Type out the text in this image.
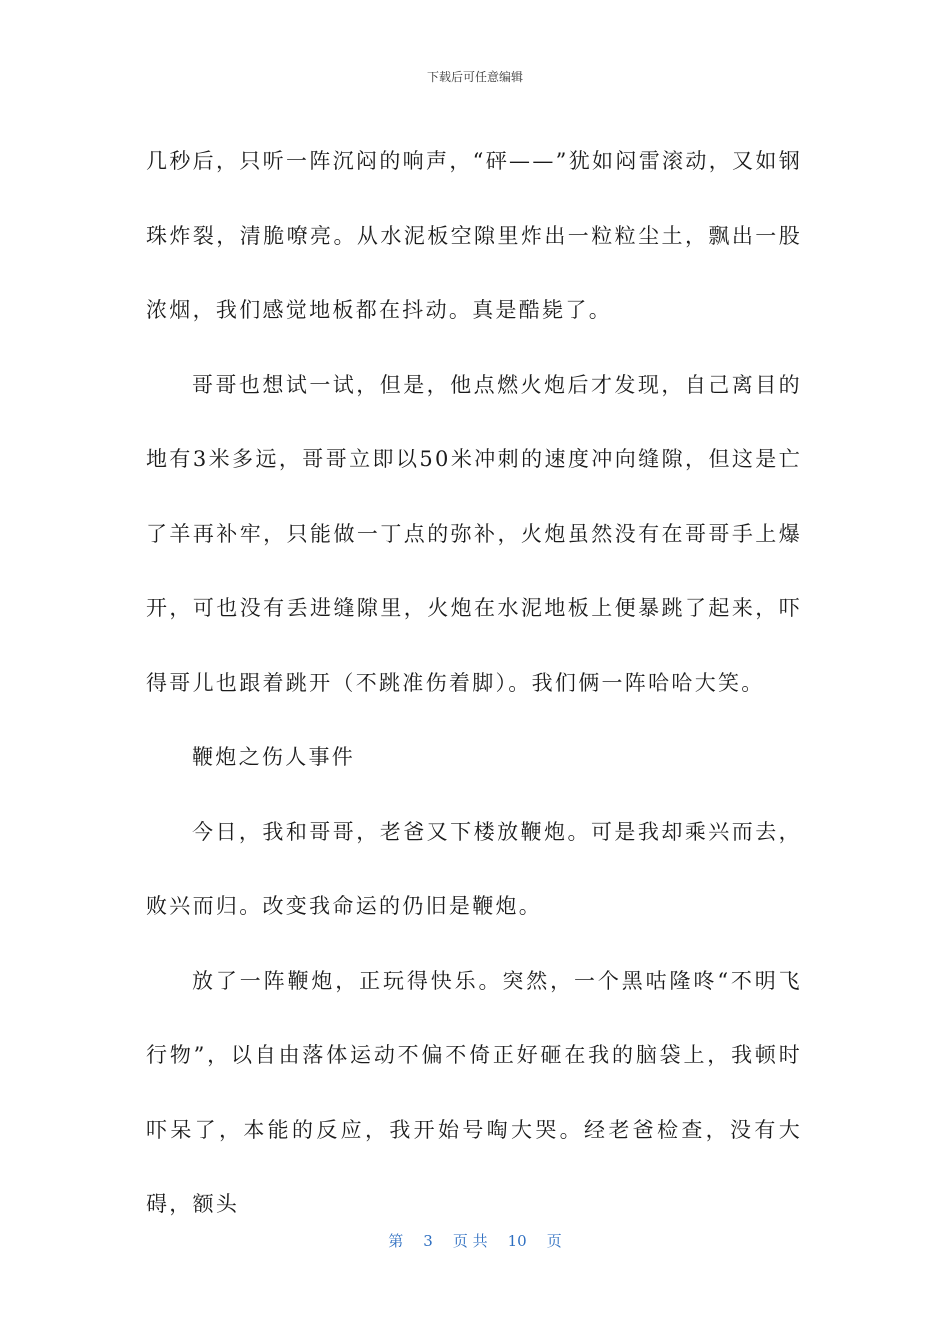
下载后可任意编辑

几秒后，只听一阵沉闷的响声，“砰——”犹如闷雷滚动，又如钢珠炸裂，清脆嘹亮。从水泥板空隙里炸出一粒粒尘土，飘出一股浓烟，我们感觉地板都在抖动。真是酷毙了。

哥哥也想试一试，但是，他点燃火炮后才发现，自己离目的地有3米多远，哥哥立即以50米冲刺的速度冲向缝隙，但这是亡了羊再补牢，只能做一丁点的弥补，火炮虽然没有在哥哥手上爆开，可也没有丢进缝隙里，火炮在水泥地板上便暴跳了起来，吓得哥儿也跟着跳开（不跳准伤着脚）。我们俩一阵哈哈大笑。

鞭炮之伤人事件

今日，我和哥哥，老爸又下楼放鞭炮。可是我却乘兴而去，败兴而归。改变我命运的仍旧是鞭炮。

放了一阵鞭炮，正玩得快乐。突然，一个黑咕隆咚“不明飞行物”，以自由落体运动不偏不倚正好砸在我的脑袋上，我顿时吓呆了，本能的反应，我开始号啕大哭。经老爸检查，没有大碍，额头

第 3 页 共 10 页
